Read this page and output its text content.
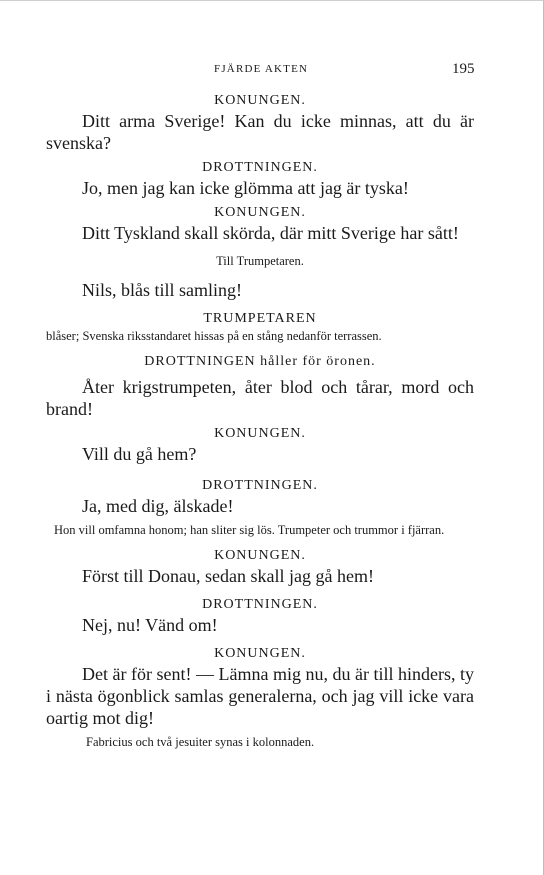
FJÄRDE AKTEN	195

KONUNGEN.

Ditt arma Sverige! Kan du icke minnas, att du är svenska?

DROTTNINGEN.

Jo, men jag kan icke glömma att jag är tyska!

KONUNGEN.

Ditt Tyskland skall skörda, där mitt Sverige har sått!

Till Trumpetaren.

Nils, blås till samling!

TRUMPETAREN

blåser; Svenska riksstandaret hissas på en stång nedanför terrassen.

DROTTNINGEN håller för öronen.

Åter krigstrumpeten, åter blod och tårar, mord och brand!

KONUNGEN.

Vill du gå hem?

DROTTNINGEN.

Ja, med dig, älskade!

Hon vill omfamna honom; han sliter sig lös. Trumpeter och trummor i fjärran.

KONUNGEN.

Först till Donau, sedan skall jag gå hem!

DROTTNINGEN.

Nej, nu! Vänd om!

KONUNGEN.

Det är för sent! — Lämna mig nu, du är till hinders, ty i nästa ögonblick samlas generalerna, och jag vill icke vara oartig mot dig!

Fabricius och två jesuiter synas i kolonnaden.
